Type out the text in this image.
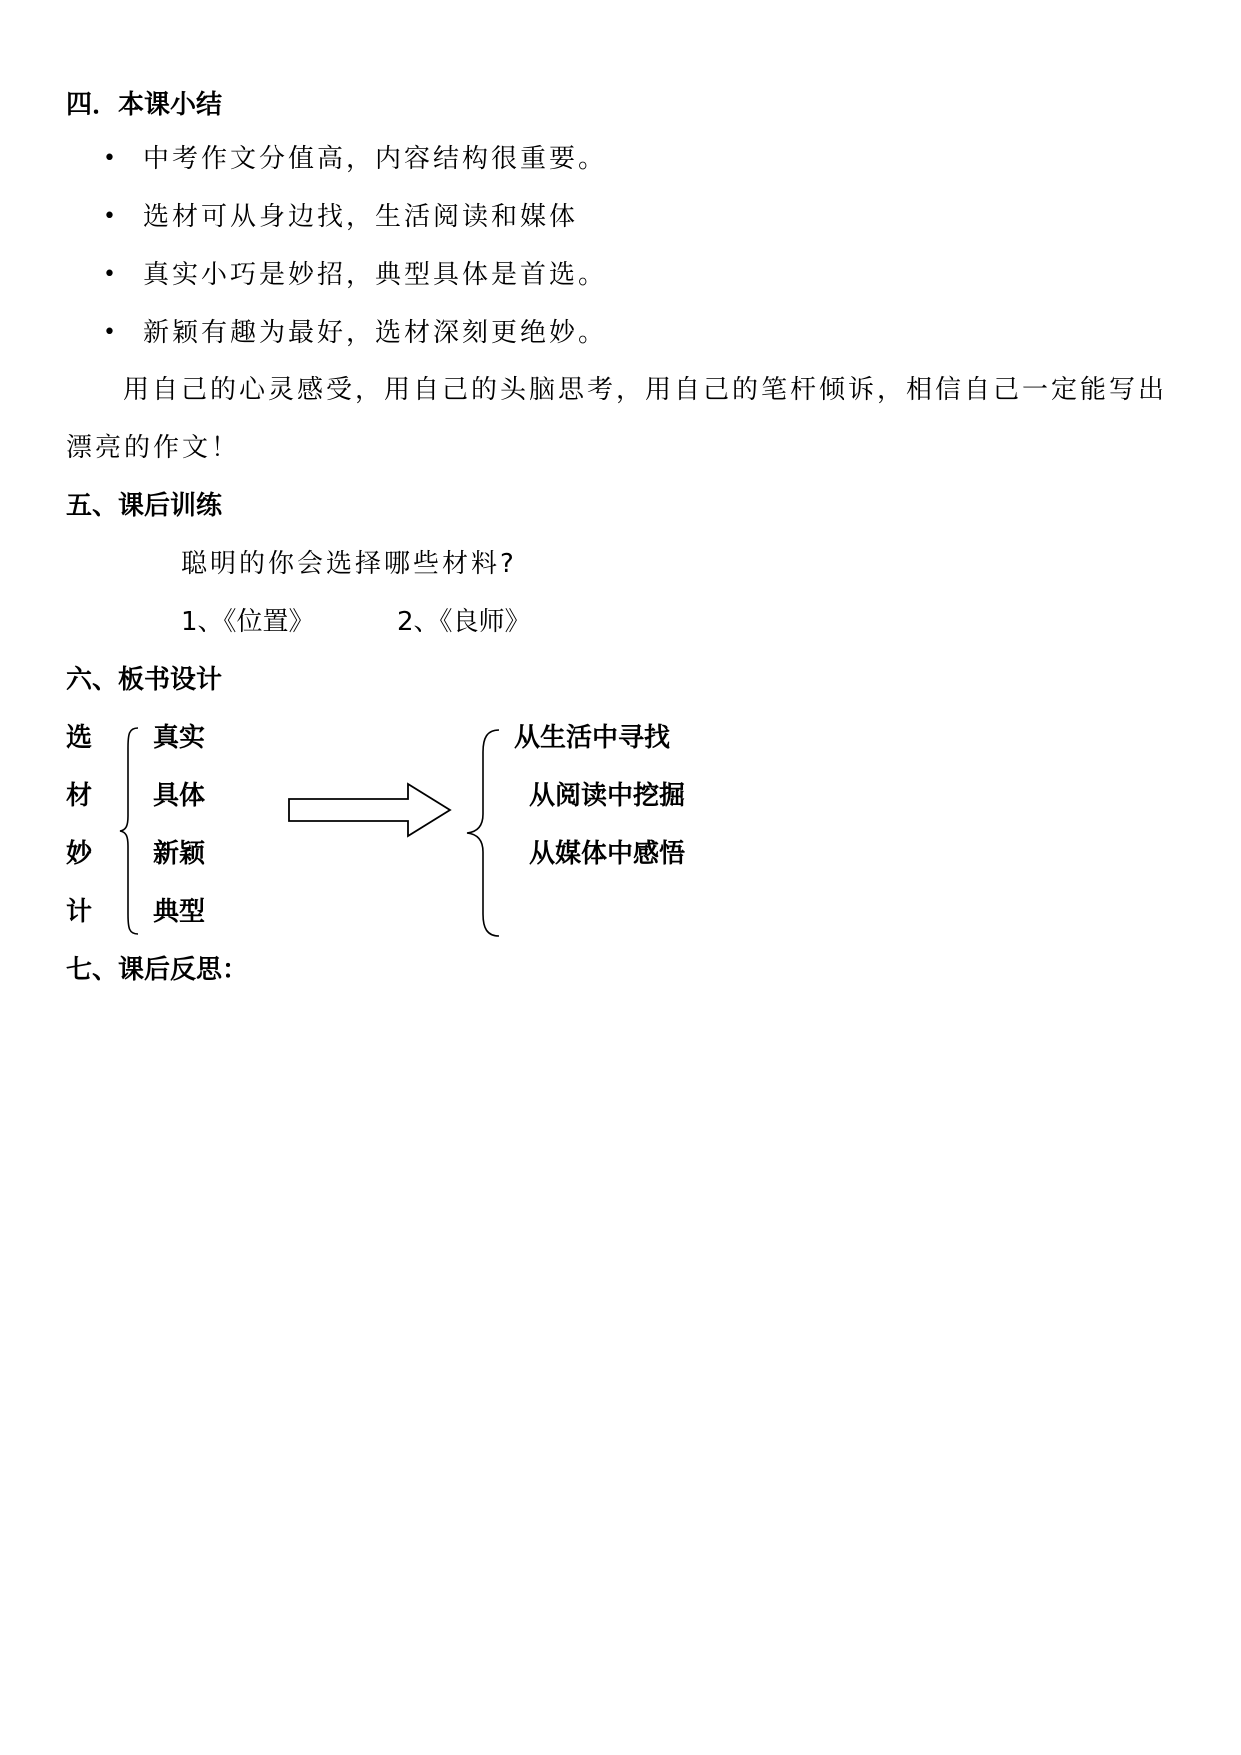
四．本课小结
• 中考作文分值高，内容结构很重要。
• 选材可从身边找，生活阅读和媒体
• 真实小巧是妙招，典型具体是首选。
• 新颖有趣为最好，选材深刻更绝妙。
用自己的心灵感受，用自己的头脑思考，用自己的笔杆倾诉，相信自己一定能写出
漂亮的作文！
五、课后训练
聪明的你会选择哪些材料?
1、《位置》	2、《良师》
六、板书设计
选
材
妙
计
真实
具体
新颖
典型
从生活中寻找
从阅读中挖掘
从媒体中感悟
七、课后反思：
